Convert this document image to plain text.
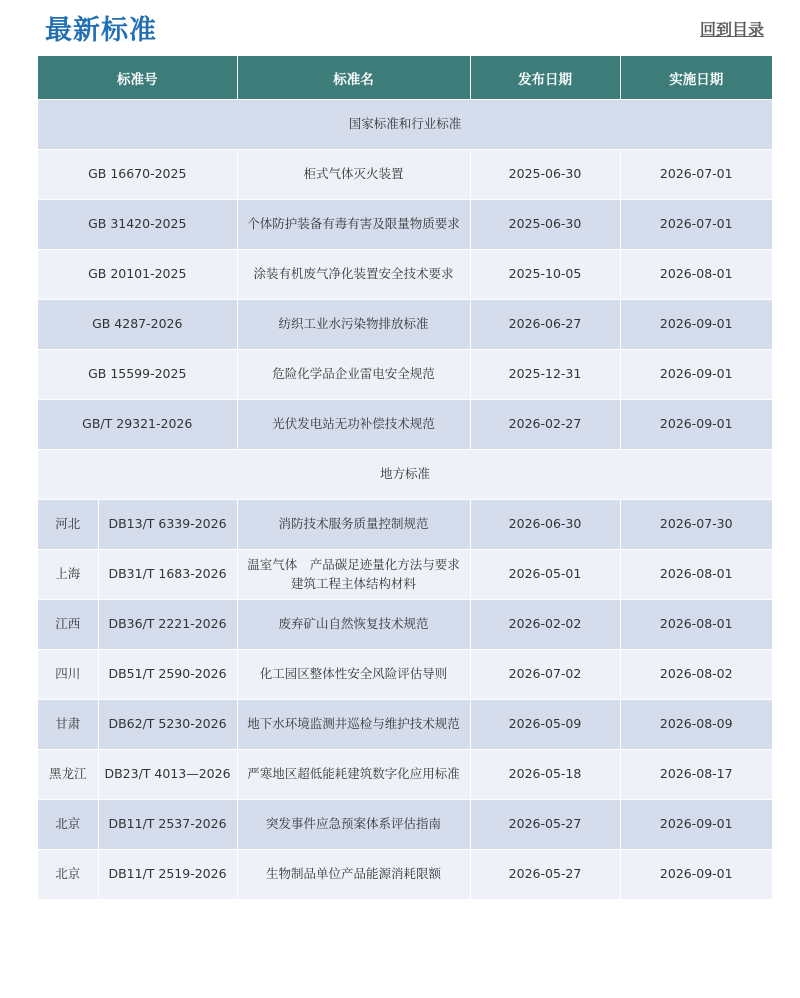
最新标准	回到目录
标准号		标准名	发布日期	实施日期
国家标准和行业标准				
GB 16670-2025		柜式气体灭火装置	2025-06-30	2026-07-01
GB 31420-2025		个体防护装备有毒有害及限量物质要求	2025-06-30	2026-07-01
GB 20101-2025		涂装有机废气净化装置安全技术要求	2025-10-05	2026-08-01
GB 4287-2026		纺织工业水污染物排放标准	2026-06-27	2026-09-01
GB 15599-2025		危险化学品企业雷电安全规范	2025-12-31	2026-09-01
GB/T 29321-2026		光伏发电站无功补偿技术规范	2026-02-27	2026-09-01
地方标准				
河北	DB13/T 6339-2026	消防技术服务质量控制规范	2026-06-30	2026-07-30
上海	DB31/T 1683-2026	温室气体　产品碳足迹量化方法与要求
建筑工程主体结构材料	2026-05-01	2026-08-01
江西	DB36/T 2221-2026	废弃矿山自然恢复技术规范	2026-02-02	2026-08-01
四川	DB51/T 2590-2026	化工园区整体性安全风险评估导则	2026-07-02	2026-08-02
甘肃	DB62/T 5230-2026	地下水环境监测井巡检与维护技术规范	2026-05-09	2026-08-09
黑龙江	DB23/T 4013—2026	严寒地区超低能耗建筑数字化应用标准	2026-05-18	2026-08-17
北京	DB11/T 2537-2026	突发事件应急预案体系评估指南	2026-05-27	2026-09-01
北京	DB11/T 2519-2026	生物制品单位产品能源消耗限额	2026-05-27	2026-09-01
